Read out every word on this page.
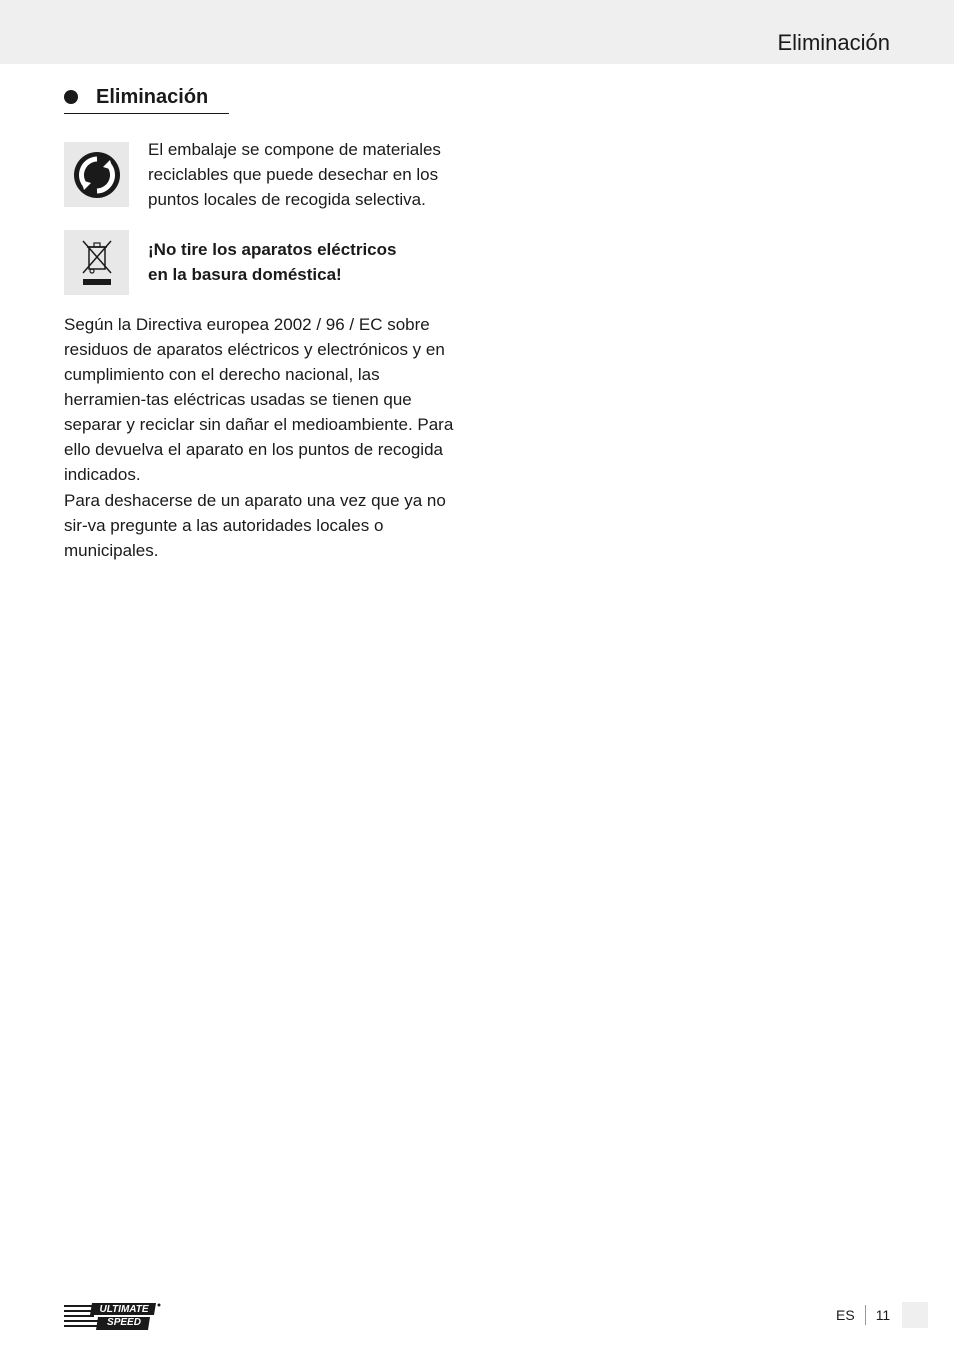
Eliminación
Eliminación
El embalaje se compone de materiales reciclables que puede desechar en los puntos locales de recogida selectiva.
¡No tire los aparatos eléctricos
en la basura doméstica!
Según la Directiva europea 2002 / 96 / EC sobre residuos de aparatos eléctricos y electrónicos y en cumplimiento con el derecho nacional, las herramien-tas eléctricas usadas se tienen que separar y reciclar sin dañar el medioambiente. Para ello devuelva el aparato en los puntos de recogida indicados.
Para deshacerse de un aparato una vez que ya no sir-va pregunte a las autoridades locales o municipales.
ULTIMATE
SPEED	ES 11
